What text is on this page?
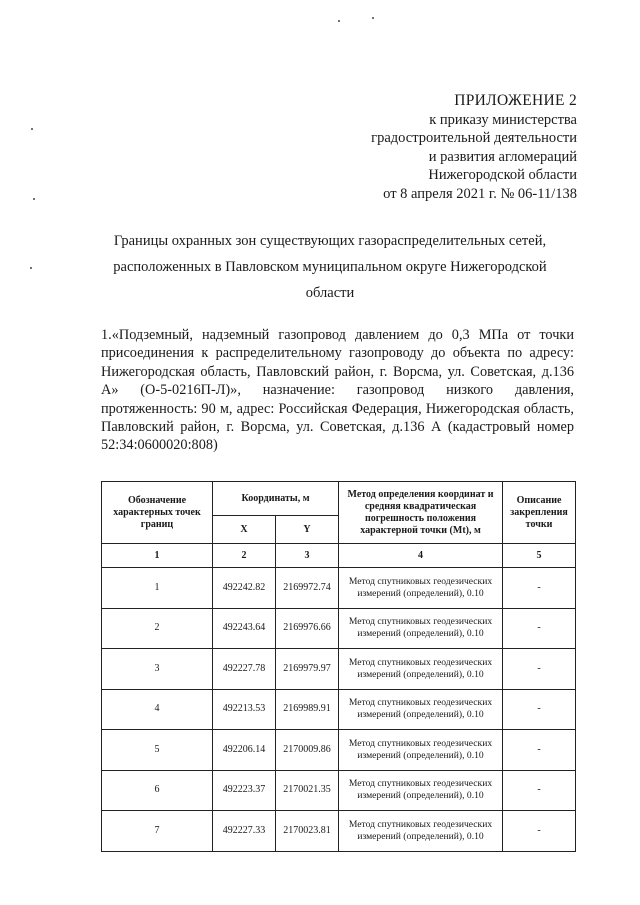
ПРИЛОЖЕНИЕ 2
к приказу министерства
градостроительной деятельности
и развития агломераций
Нижегородской области
от 8 апреля 2021 г. № 06-11/138
Границы охранных зон существующих газораспределительных сетей,
расположенных в Павловском муниципальном округе Нижегородской
области
1.«Подземный, надземный газопровод давлением до 0,3 МПа от точки
присоединения к распределительному газопроводу до объекта по адресу:
Нижегородская область, Павловский район, г. Ворсма, ул. Советская, д.136
А» (О-5-0216П-Л)», назначение: газопровод низкого давления,
протяженность: 90 м, адрес: Российская Федерация, Нижегородская область,
Павловский район, г. Ворсма, ул. Советская, д.136 А (кадастровый номер
52:34:0600020:808)
Обозначение характерных точек границ	Координаты, м		Метод определения координат и средняя квадратическая погрешность положения характерной точки (Mt), м	Описание закрепления точки
	X	Y		
1	2	3	4	5
1	492242.82	2169972.74	Метод спутниковых геодезических измерений (определений), 0.10	-
2	492243.64	2169976.66	Метод спутниковых геодезических измерений (определений), 0.10	-
3	492227.78	2169979.97	Метод спутниковых геодезических измерений (определений), 0.10	-
4	492213.53	2169989.91	Метод спутниковых геодезических измерений (определений), 0.10	-
5	492206.14	2170009.86	Метод спутниковых геодезических измерений (определений), 0.10	-
6	492223.37	2170021.35	Метод спутниковых геодезических измерений (определений), 0.10	-
7	492227.33	2170023.81	Метод спутниковых геодезических измерений (определений), 0.10	-
